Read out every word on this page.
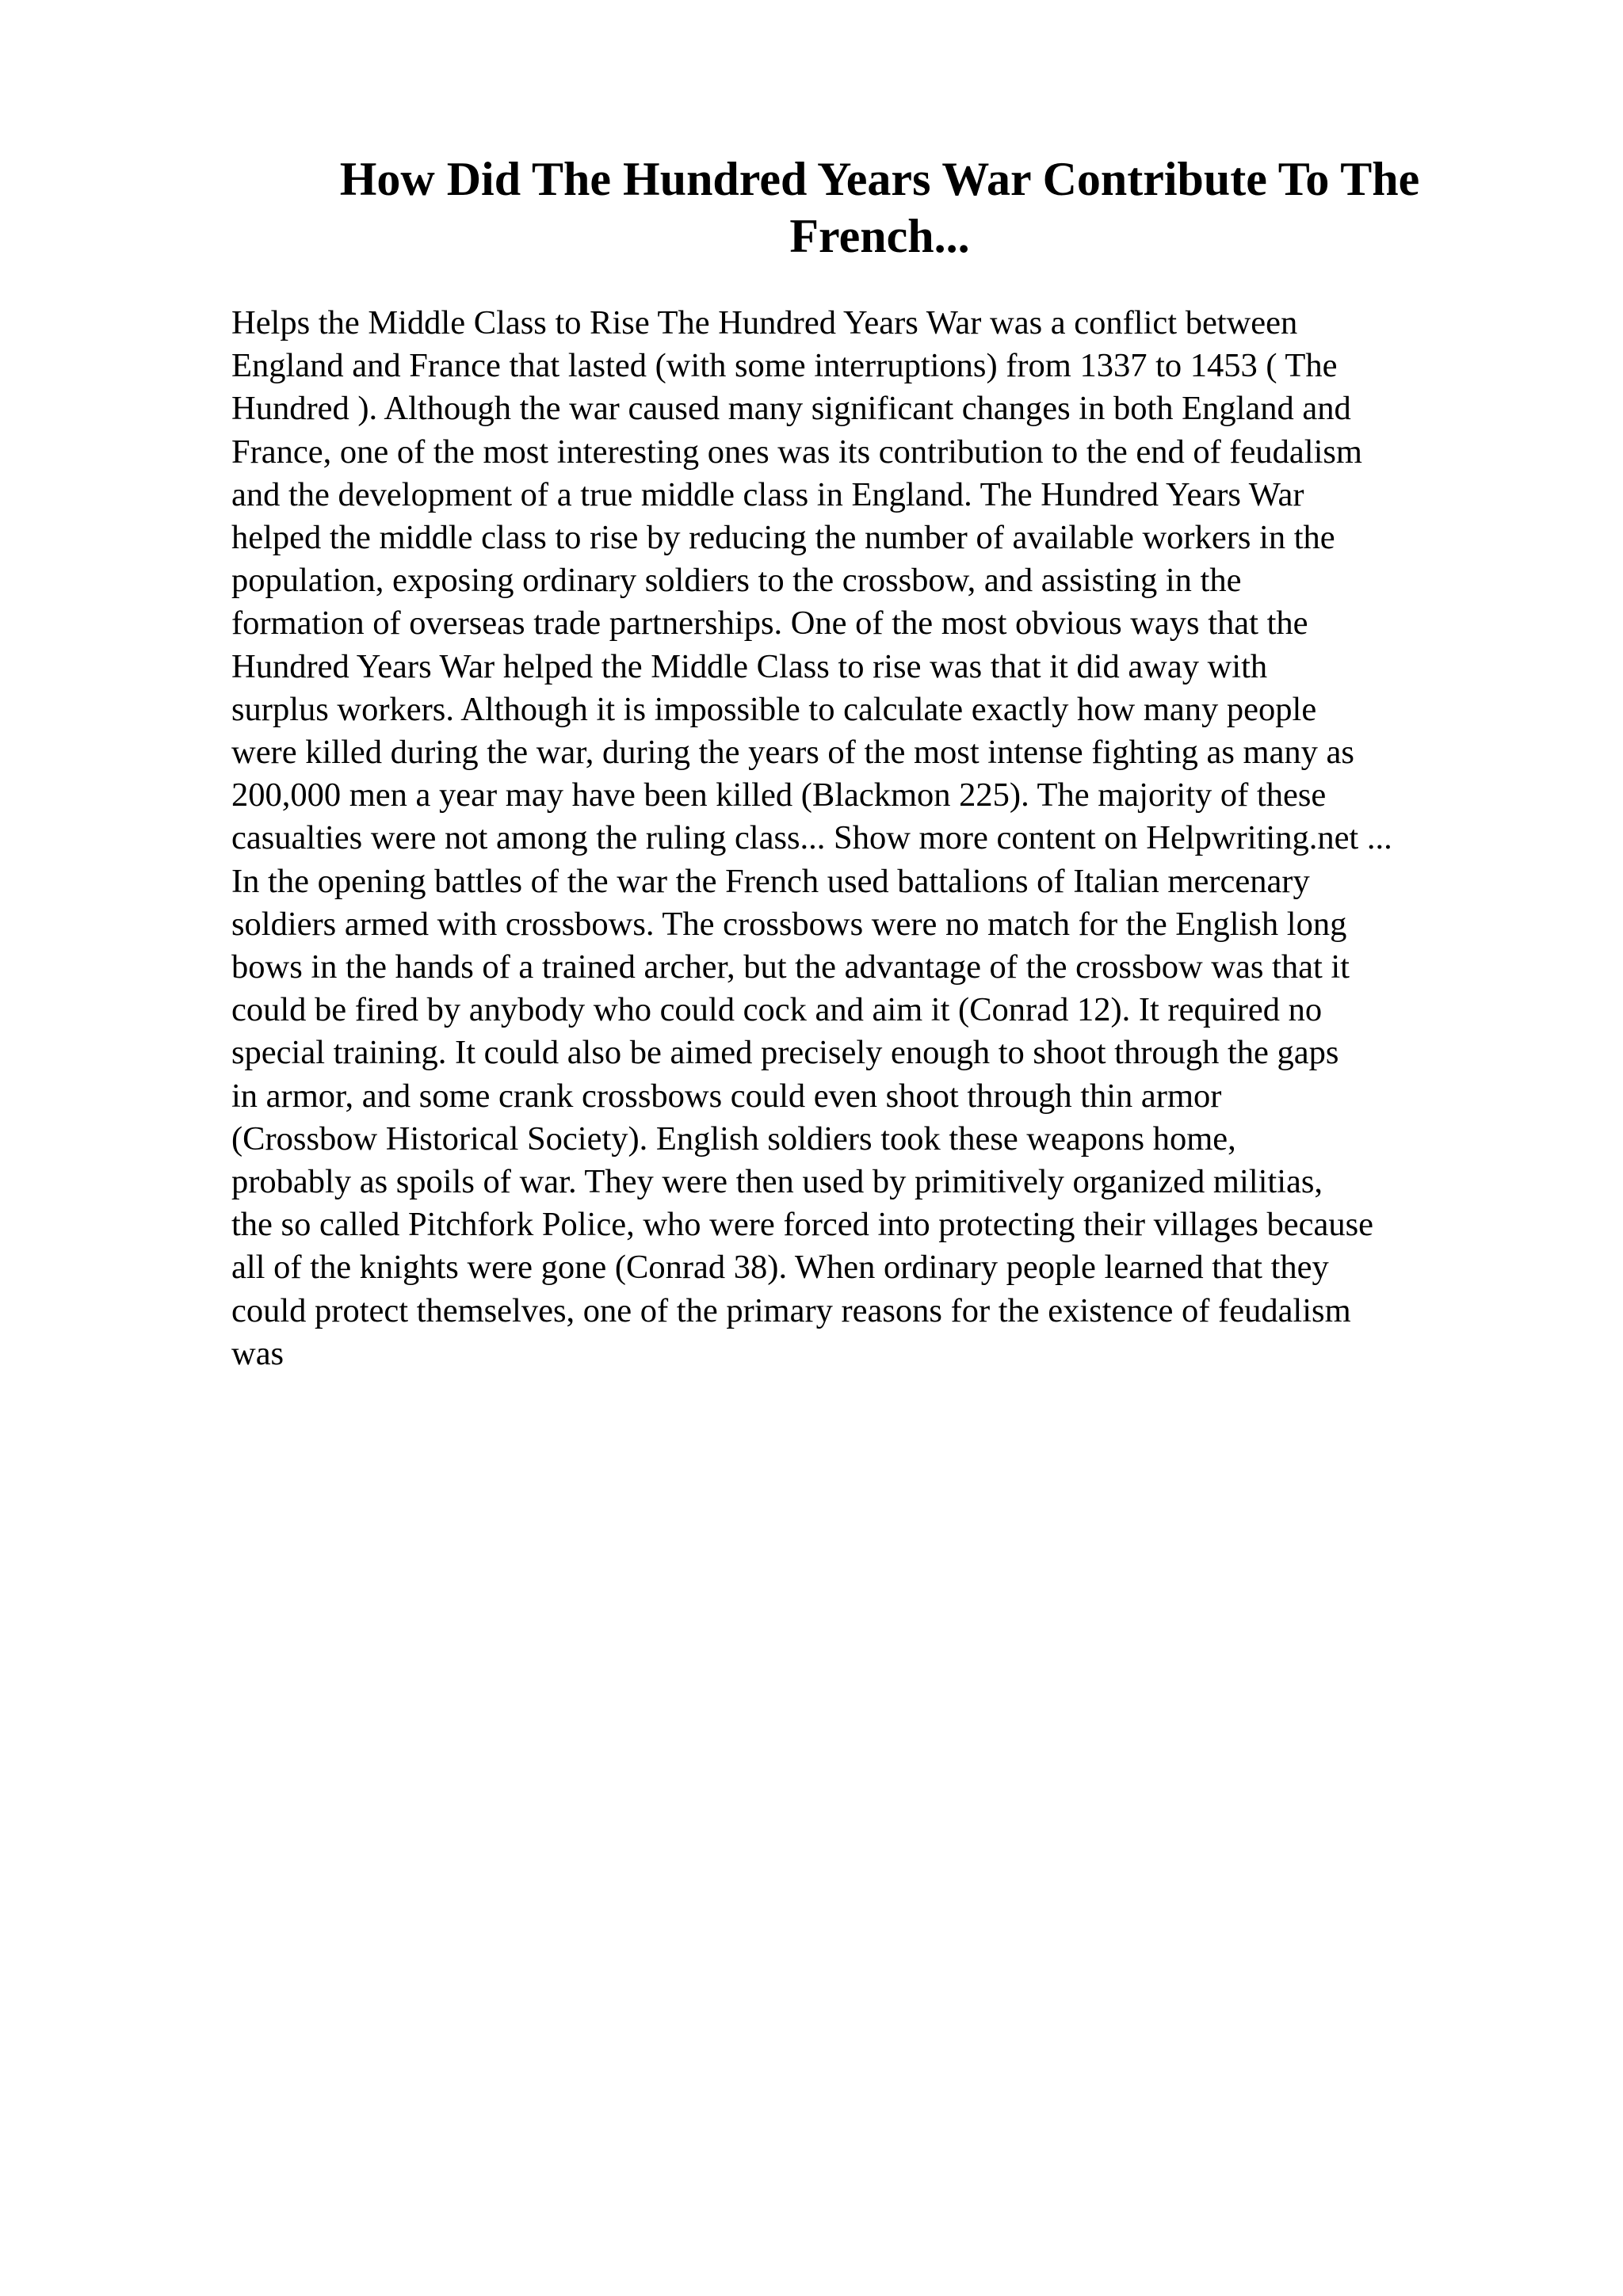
How Did The Hundred Years War Contribute To The
French...
Helps the Middle Class to Rise The Hundred Years War was a conflict between
England and France that lasted (with some interruptions) from 1337 to 1453 ( The
Hundred ). Although the war caused many significant changes in both England and
France, one of the most interesting ones was its contribution to the end of feudalism
and the development of a true middle class in England. The Hundred Years War
helped the middle class to rise by reducing the number of available workers in the
population, exposing ordinary soldiers to the crossbow, and assisting in the
formation of overseas trade partnerships. One of the most obvious ways that the
Hundred Years War helped the Middle Class to rise was that it did away with
surplus workers. Although it is impossible to calculate exactly how many people
were killed during the war, during the years of the most intense fighting as many as
200,000 men a year may have been killed (Blackmon 225). The majority of these
casualties were not among the ruling class... Show more content on Helpwriting.net ...
In the opening battles of the war the French used battalions of Italian mercenary
soldiers armed with crossbows. The crossbows were no match for the English long
bows in the hands of a trained archer, but the advantage of the crossbow was that it
could be fired by anybody who could cock and aim it (Conrad 12). It required no
special training. It could also be aimed precisely enough to shoot through the gaps
in armor, and some crank crossbows could even shoot through thin armor
(Crossbow Historical Society). English soldiers took these weapons home,
probably as spoils of war. They were then used by primitively organized militias,
the so called Pitchfork Police, who were forced into protecting their villages because
all of the knights were gone (Conrad 38). When ordinary people learned that they
could protect themselves, one of the primary reasons for the existence of feudalism
was
